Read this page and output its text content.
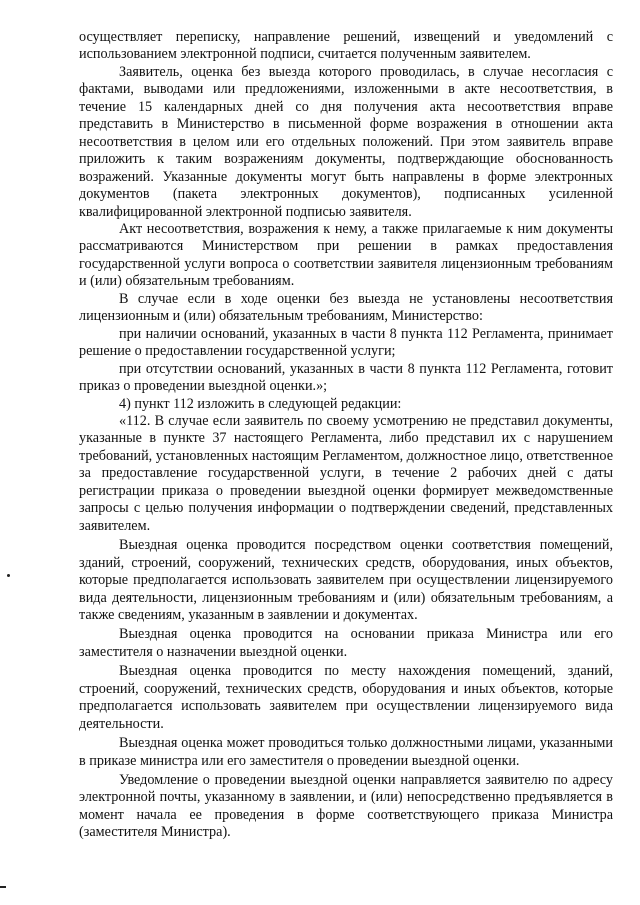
осуществляет переписку, направление решений, извещений и уведомлений с использованием электронной подписи, считается полученным заявителем.

Заявитель, оценка без выезда которого проводилась, в случае несогласия с фактами, выводами или предложениями, изложенными в акте несоответствия, в течение 15 календарных дней со дня получения акта несоответствия вправе представить в Министерство в письменной форме возражения в отношении акта несоответствия в целом или его отдельных положений. При этом заявитель вправе приложить к таким возражениям документы, подтверждающие обоснованность возражений. Указанные документы могут быть направлены в форме электронных документов (пакета электронных документов), подписанных усиленной квалифицированной электронной подписью заявителя.

Акт несоответствия, возражения к нему, а также прилагаемые к ним документы рассматриваются Министерством при решении в рамках предоставления государственной услуги вопроса о соответствии заявителя лицензионным требованиям и (или) обязательным требованиям.

В случае если в ходе оценки без выезда не установлены несоответствия лицензионным и (или) обязательным требованиям, Министерство:

при наличии оснований, указанных в части 8 пункта 112 Регламента, принимает решение о предоставлении государственной услуги;

при отсутствии оснований, указанных в части 8 пункта 112 Регламента, готовит приказ о проведении выездной оценки.»;

4) пункт 112 изложить в следующей редакции:

«112. В случае если заявитель по своему усмотрению не представил документы, указанные в пункте 37 настоящего Регламента, либо представил их с нарушением требований, установленных настоящим Регламентом, должностное лицо, ответственное за предоставление государственной услуги, в течение 2 рабочих дней с даты регистрации приказа о проведении выездной оценки формирует межведомственные запросы с целью получения информации о подтверждении сведений, представленных заявителем.

Выездная оценка проводится посредством оценки соответствия помещений, зданий, строений, сооружений, технических средств, оборудования, иных объектов, которые предполагается использовать заявителем при осуществлении лицензируемого вида деятельности, лицензионным требованиям и (или) обязательным требованиям, а также сведениям, указанным в заявлении и документах.

Выездная оценка проводится на основании приказа Министра или его заместителя о назначении выездной оценки.

Выездная оценка проводится по месту нахождения помещений, зданий, строений, сооружений, технических средств, оборудования и иных объектов, которые предполагается использовать заявителем при осуществлении лицензируемого вида деятельности.

Выездная оценка может проводиться только должностными лицами, указанными в приказе министра или его заместителя о проведении выездной оценки.

Уведомление о проведении выездной оценки направляется заявителю по адресу электронной почты, указанному в заявлении, и (или) непосредственно предъявляется в момент начала ее проведения в форме соответствующего приказа Министра (заместителя Министра).
